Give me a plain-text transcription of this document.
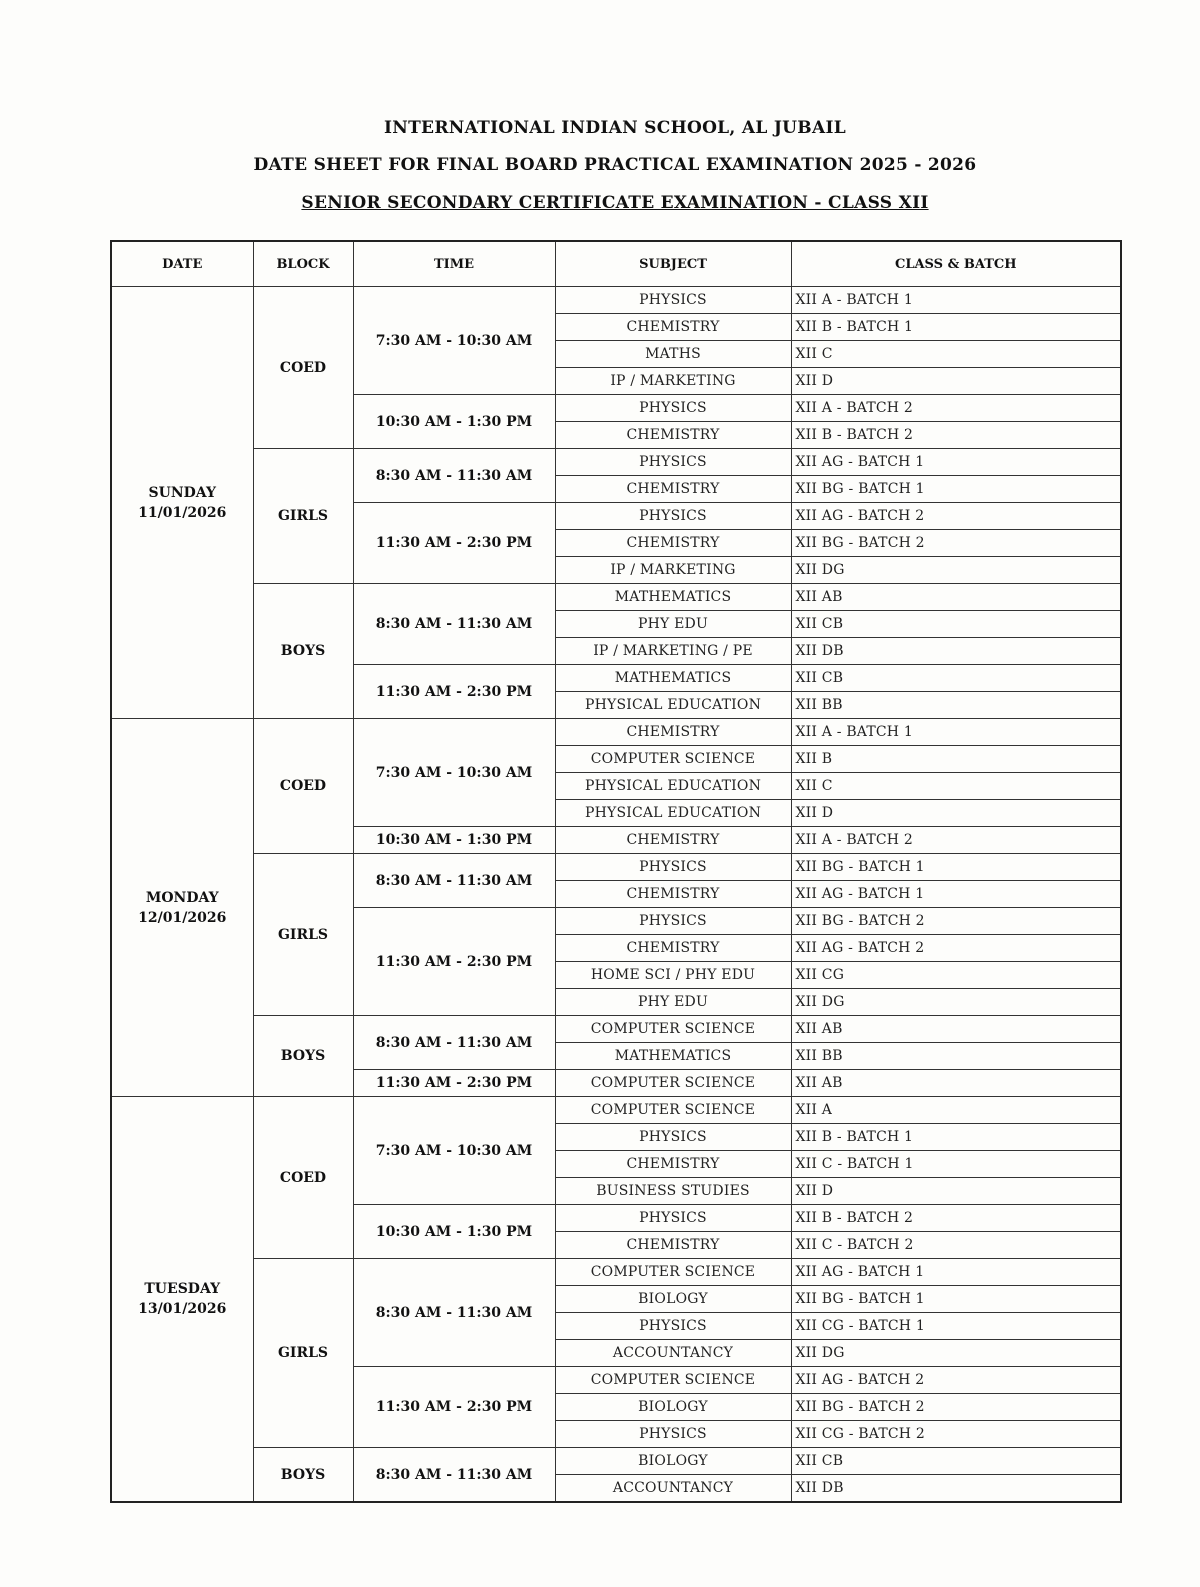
INTERNATIONAL INDIAN SCHOOL, AL JUBAIL
DATE SHEET FOR FINAL BOARD PRACTICAL EXAMINATION 2025 - 2026
SENIOR SECONDARY CERTIFICATE EXAMINATION - CLASS XII
DATE	BLOCK	TIME	SUBJECT	CLASS & BATCH

SUNDAY
11/01/2026	COED	7:30 AM - 10:30 AM	PHYSICS	XII A - BATCH 1
			CHEMISTRY	XII B - BATCH 1
			MATHS	XII C
			IP / MARKETING	XII D
		10:30 AM - 1:30 PM	PHYSICS	XII A - BATCH 2
			CHEMISTRY	XII B - BATCH 2
	GIRLS	8:30 AM - 11:30 AM	PHYSICS	XII AG - BATCH 1
			CHEMISTRY	XII BG - BATCH 1
		11:30 AM - 2:30 PM	PHYSICS	XII AG - BATCH 2
			CHEMISTRY	XII BG - BATCH 2
			IP / MARKETING	XII DG
	BOYS	8:30 AM - 11:30 AM	MATHEMATICS	XII AB
			PHY EDU	XII CB
			IP / MARKETING / PE	XII DB
		11:30 AM - 2:30 PM	MATHEMATICS	XII CB
			PHYSICAL EDUCATION	XII BB

MONDAY
12/01/2026	COED	7:30 AM - 10:30 AM	CHEMISTRY	XII A - BATCH 1
			COMPUTER SCIENCE	XII B
			PHYSICAL EDUCATION	XII C
			PHYSICAL EDUCATION	XII D
		10:30 AM - 1:30 PM	CHEMISTRY	XII A - BATCH 2
	GIRLS	8:30 AM - 11:30 AM	PHYSICS	XII BG - BATCH 1
			CHEMISTRY	XII AG - BATCH 1
		11:30 AM - 2:30 PM	PHYSICS	XII BG - BATCH 2
			CHEMISTRY	XII AG - BATCH 2
			HOME SCI / PHY EDU	XII CG
			PHY EDU	XII DG
	BOYS	8:30 AM - 11:30 AM	COMPUTER SCIENCE	XII AB
			MATHEMATICS	XII BB
		11:30 AM - 2:30 PM	COMPUTER SCIENCE	XII AB

TUESDAY
13/01/2026	COED	7:30 AM - 10:30 AM	COMPUTER SCIENCE	XII A
			PHYSICS	XII B - BATCH 1
			CHEMISTRY	XII C - BATCH 1
			BUSINESS STUDIES	XII D
		10:30 AM - 1:30 PM	PHYSICS	XII B - BATCH 2
			CHEMISTRY	XII C - BATCH 2
	GIRLS	8:30 AM - 11:30 AM	COMPUTER SCIENCE	XII AG - BATCH 1
			BIOLOGY	XII BG - BATCH 1
			PHYSICS	XII CG - BATCH 1
			ACCOUNTANCY	XII DG
		11:30 AM - 2:30 PM	COMPUTER SCIENCE	XII AG - BATCH 2
			BIOLOGY	XII BG - BATCH 2
			PHYSICS	XII CG - BATCH 2
	BOYS	8:30 AM - 11:30 AM	BIOLOGY	XII CB
			ACCOUNTANCY	XII DB
